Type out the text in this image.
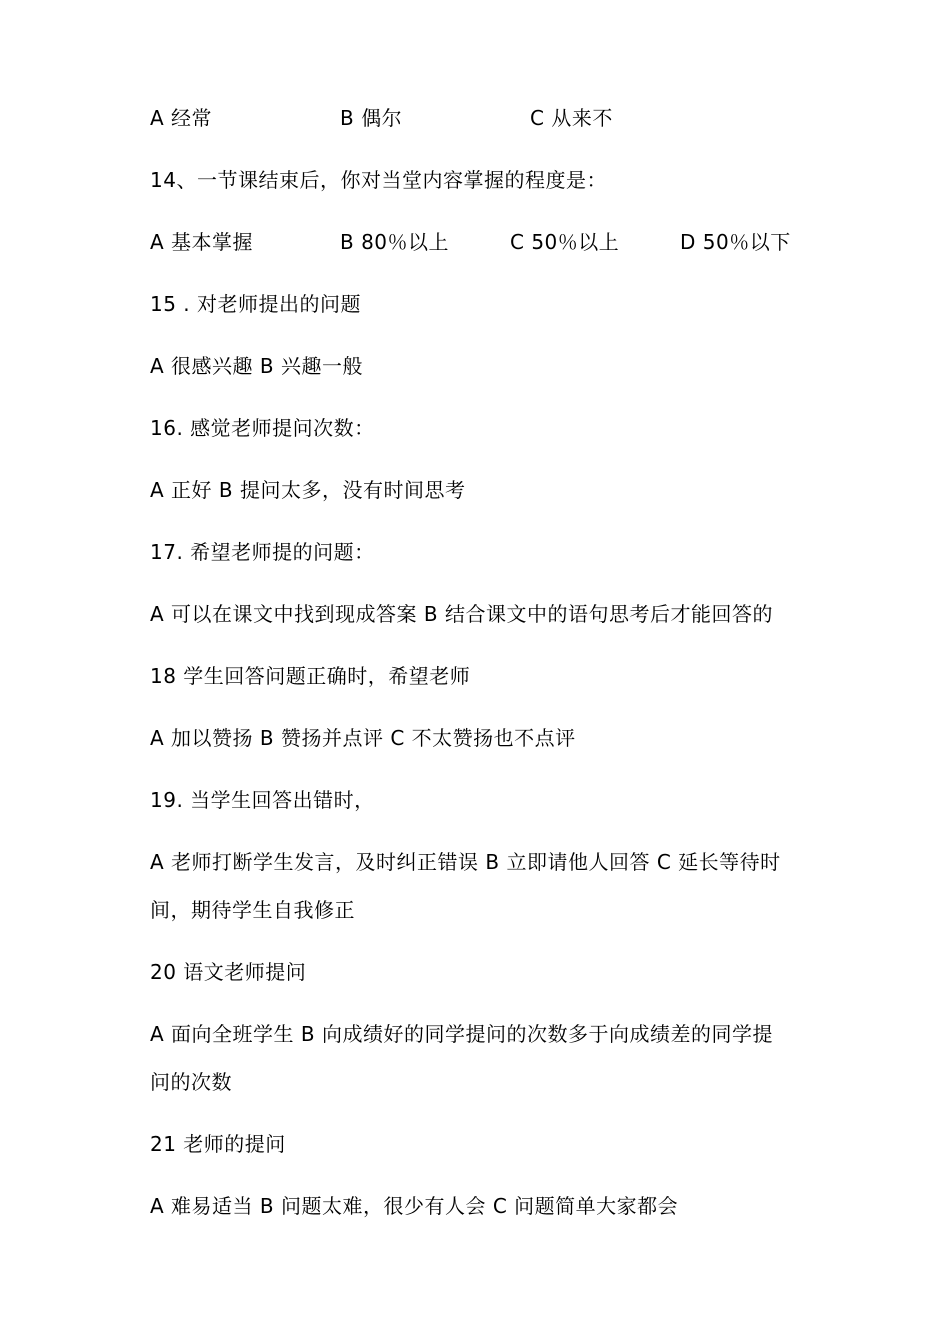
A 经常	B 偶尔	C 从来不
14、一节课结束后，你对当堂内容掌握的程度是：
A 基本掌握	B 80％以上	C 50％以上	D 50％以下
15 . 对老师提出的问题
A 很感兴趣 B 兴趣一般
16. 感觉老师提问次数：
A 正好 B 提问太多，没有时间思考
17. 希望老师提的问题：
A 可以在课文中找到现成答案 B 结合课文中的语句思考后才能回答的
18 学生回答问题正确时，希望老师
A 加以赞扬 B 赞扬并点评 C 不太赞扬也不点评
19. 当学生回答出错时，
A 老师打断学生发言，及时纠正错误 B 立即请他人回答 C 延长等待时
间，期待学生自我修正
20 语文老师提问
A 面向全班学生 B 向成绩好的同学提问的次数多于向成绩差的同学提
问的次数
21 老师的提问
A 难易适当 B 问题太难，很少有人会 C 问题简单大家都会
